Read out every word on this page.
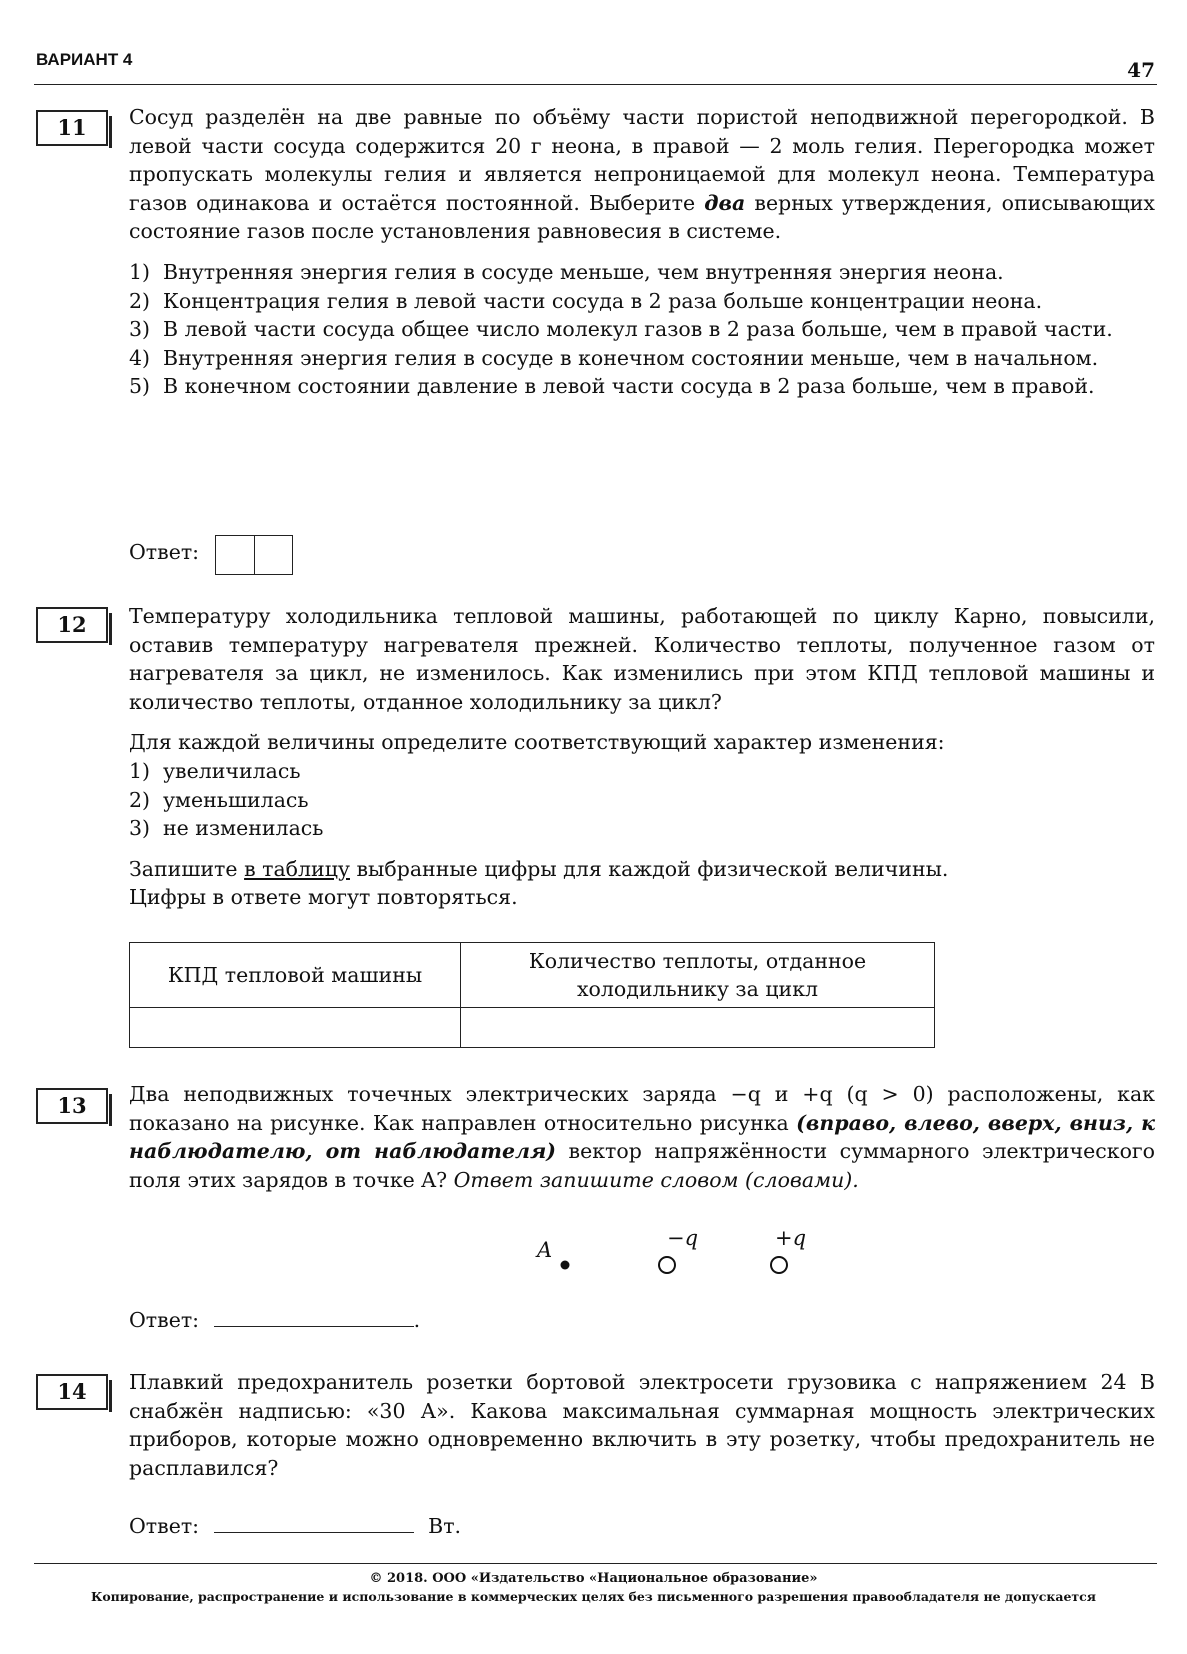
ВАРИАНТ 4	47
11	Сосуд разделён на две равные по объёму части пористой неподвижной перегородкой. В левой части сосуда содержится 20 г неона, в правой — 2 моль гелия. Перегородка может пропускать молекулы гелия и является непроницаемой для молекул неона. Температура газов одинакова и остаётся постоянной. Выберите два верных утверждения, описывающих состояние газов после установления равновесия в системе.

1) Внутренняя энергия гелия в сосуде меньше, чем внутренняя энергия неона.
2) Концентрация гелия в левой части сосуда в 2 раза больше концентрации неона.
3) В левой части сосуда общее число молекул газов в 2 раза больше, чем в правой части.
4) Внутренняя энергия гелия в сосуде в конечном состоянии меньше, чем в начальном.
5) В конечном состоянии давление в левой части сосуда в 2 раза больше, чем в правой.
Ответ:
12	Температуру холодильника тепловой машины, работающей по циклу Карно, повысили, оставив температуру нагревателя прежней. Количество теплоты, полученное газом от нагревателя за цикл, не изменилось. Как изменились при этом КПД тепловой машины и количество теплоты, отданное холодильнику за цикл?

Для каждой величины определите соответствующий характер изменения:

1) увеличилась
2) уменьшилась
3) не изменилась

Запишите в таблицу выбранные цифры для каждой физической величины.
Цифры в ответе могут повторяться.

КПД тепловой машины	Количество теплоты, отданное холодильнику за цикл

13	Два неподвижных точечных электрических заряда −q и +q (q > 0) расположены, как показано на рисунке. Как направлен относительно рисунка (вправо, влево, вверх, вниз, к наблюдателю, от наблюдателя) вектор напряжённости суммарного электрического поля этих зарядов в точке A? Ответ запишите словом (словами).

A	−q	+q
Ответ:	.
14	Плавкий предохранитель розетки бортовой электросети грузовика с напряжением 24 В снабжён надписью: «30 А». Какова максимальная суммарная мощность электрических приборов, которые можно одновременно включить в эту розетку, чтобы предохранитель не расплавился?

Ответ:	Вт.
© 2018. ООО «Издательство «Национальное образование»
Копирование, распространение и использование в коммерческих целях без письменного разрешения правообладателя не допускается
